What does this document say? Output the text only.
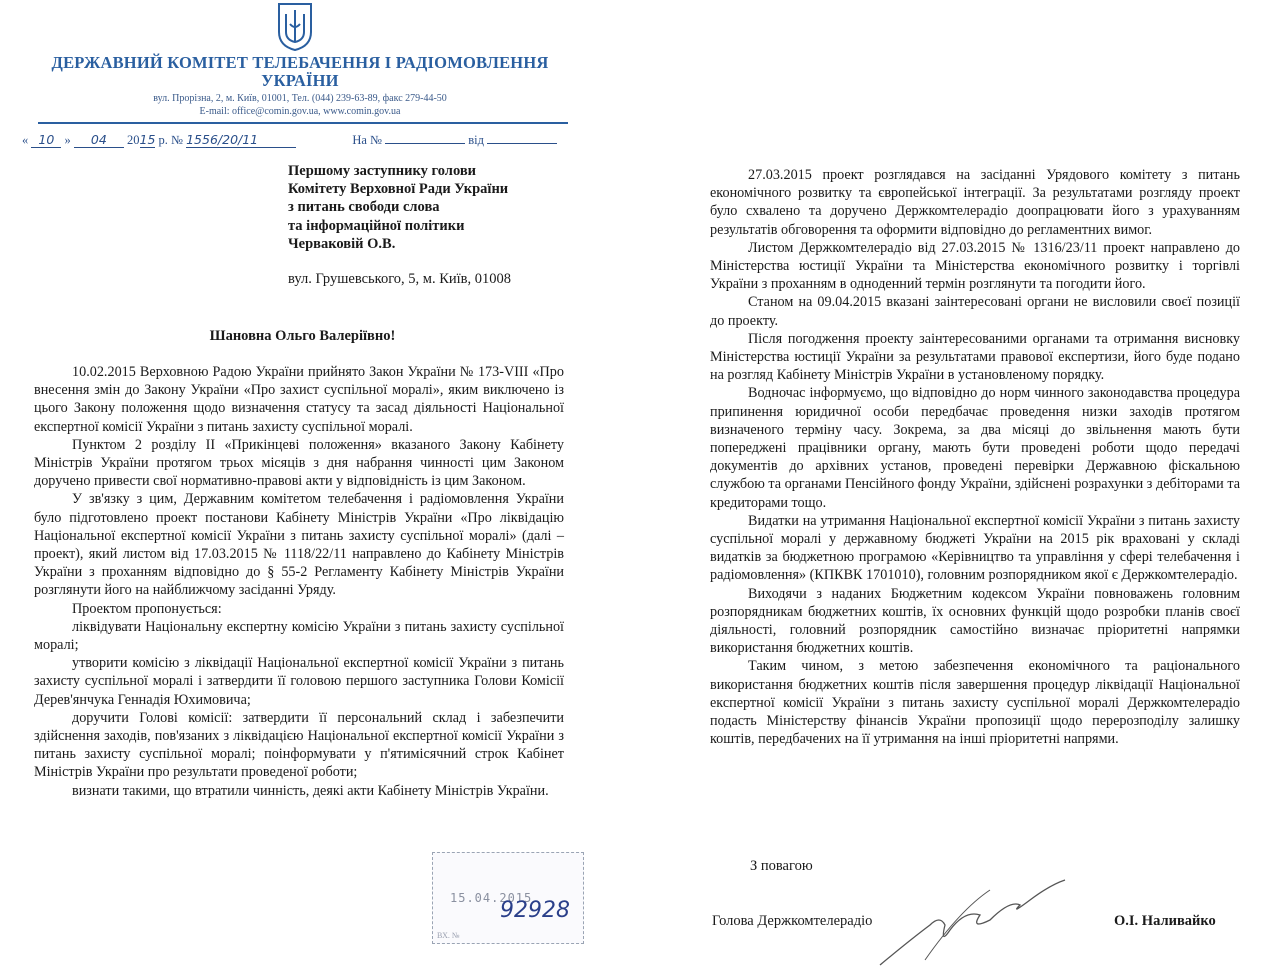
ДЕРЖАВНИЙ КОМІТЕТ ТЕЛЕБАЧЕННЯ І РАДІОМОВЛЕННЯ УКРАЇНИ
вул. Прорізна, 2, м. Київ, 01001, Тел. (044) 239-63-89, факс 279-44-50
E-mail: office@comin.gov.ua, www.comin.gov.ua
« 10 » 04 2015 р. № 1556/20/11	На №	від
Першому заступнику голови
Комітету Верховної Ради України
з питань свободи слова
та інформаційної політики
Черваковій О.В.
вул. Грушевського, 5, м. Київ, 01008
Шановна Ольго Валеріївно!

10.02.2015 Верховною Радою України прийнято Закон України № 173-VIII «Про внесення змін до Закону України «Про захист суспільної моралі», яким виключено із цього Закону положення щодо визначення статусу та засад діяльності Національної експертної комісії України з питань захисту суспільної моралі.

Пунктом 2 розділу II «Прикінцеві положення» вказаного Закону Кабінету Міністрів України протягом трьох місяців з дня набрання чинності цим Законом доручено привести свої нормативно-правові акти у відповідність із цим Законом.

У зв'язку з цим, Державним комітетом телебачення і радіомовлення України було підготовлено проект постанови Кабінету Міністрів України «Про ліквідацію Національної експертної комісії України з питань захисту суспільної моралі» (далі – проект), який листом від 17.03.2015 № 1118/22/11 направлено до Кабінету Міністрів України з проханням відповідно до § 55-2 Регламенту Кабінету Міністрів України розглянути його на найближчому засіданні Уряду.

Проектом пропонується:

ліквідувати Національну експертну комісію України з питань захисту суспільної моралі;

утворити комісію з ліквідації Національної експертної комісії України з питань захисту суспільної моралі і затвердити її головою першого заступника Голови Комісії Дерев'янчука Геннадія Юхимовича;

доручити Голові комісії: затвердити її персональний склад і забезпечити здійснення заходів, пов'язаних з ліквідацією Національної експертної комісії України з питань захисту суспільної моралі; поінформувати у п'ятимісячний строк Кабінет Міністрів України про результати проведеної роботи;

визнати такими, що втратили чинність, деякі акти Кабінету Міністрів України.

15.04.2015
92928
ВХ. №

27.03.2015 проект розглядався на засіданні Урядового комітету з питань економічного розвитку та європейської інтеграції. За результатами розгляду проект було схвалено та доручено Держкомтелерадіо доопрацювати його з урахуванням результатів обговорення та оформити відповідно до регламентних вимог.

Листом Держкомтелерадіо від 27.03.2015 № 1316/23/11 проект направлено до Міністерства юстиції України та Міністерства економічного розвитку і торгівлі України з проханням в одноденний термін розглянути та погодити його.

Станом на 09.04.2015 вказані заінтересовані органи не висловили своєї позиції до проекту.

Після погодження проекту заінтересованими органами та отримання висновку Міністерства юстиції України за результатами правової експертизи, його буде подано на розгляд Кабінету Міністрів України в установленому порядку.

Водночас інформуємо, що відповідно до норм чинного законодавства процедура припинення юридичної особи передбачає проведення низки заходів протягом визначеного терміну часу. Зокрема, за два місяці до звільнення мають бути попереджені працівники органу, мають бути проведені роботи щодо передачі документів до архівних установ, проведені перевірки Державною фіскальною службою та органами Пенсійного фонду України, здійснені розрахунки з дебіторами та кредиторами тощо.

Видатки на утримання Національної експертної комісії України з питань захисту суспільної моралі у державному бюджеті України на 2015 рік враховані у складі видатків за бюджетною програмою «Керівництво та управління у сфері телебачення і радіомовлення» (КПКВК 1701010), головним розпорядником якої є Держкомтелерадіо.

Виходячи з наданих Бюджетним кодексом України повноважень головним розпорядникам бюджетних коштів, їх основних функцій щодо розробки планів своєї діяльності, головний розпорядник самостійно визначає пріоритетні напрямки використання бюджетних коштів.

Таким чином, з метою забезпечення економічного та раціонального використання бюджетних коштів після завершення процедур ліквідації Національної експертної комісії України з питань захисту суспільної моралі Держкомтелерадіо подасть Міністерству фінансів України пропозиції щодо перерозподілу залишку коштів, передбачених на її утримання на інші пріоритетні напрями.

З повагою
Голова Держкомтелерадіо	О.І. Наливайко
